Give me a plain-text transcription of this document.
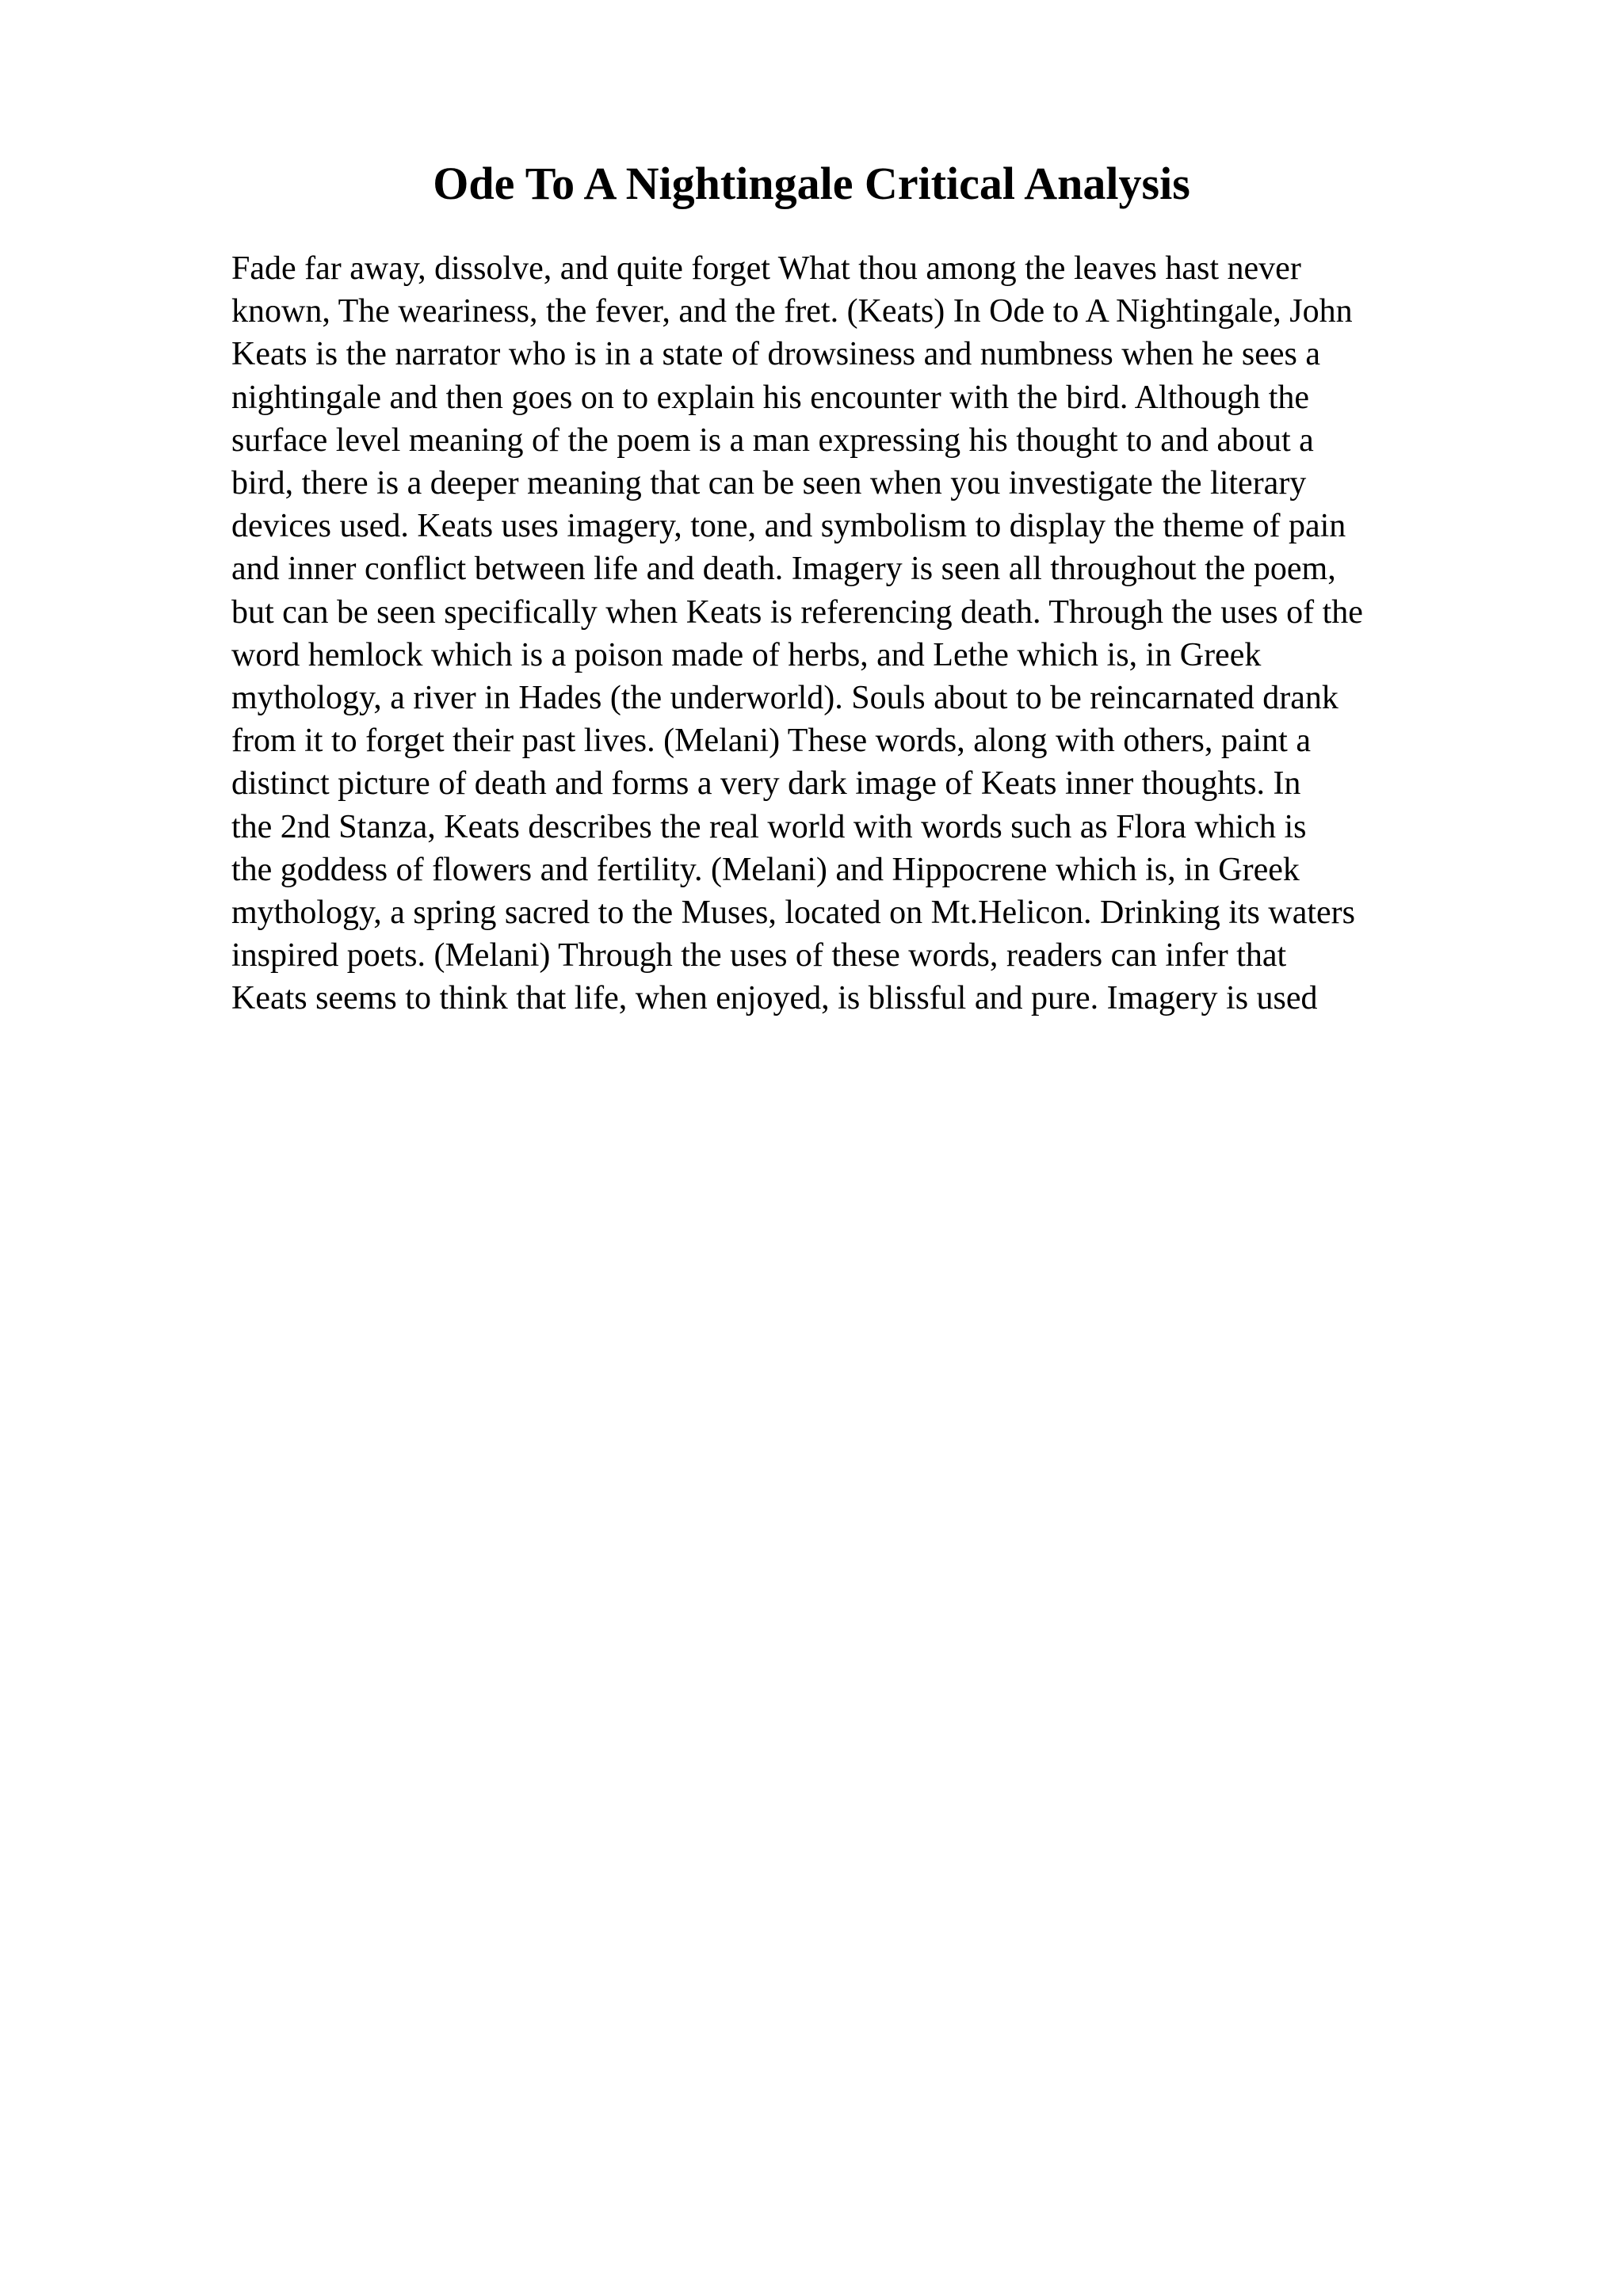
Ode To A Nightingale Critical Analysis
Fade far away, dissolve, and quite forget What thou among the leaves hast never
known, The weariness, the fever, and the fret. (Keats) In Ode to A Nightingale, John
Keats is the narrator who is in a state of drowsiness and numbness when he sees a
nightingale and then goes on to explain his encounter with the bird. Although the
surface level meaning of the poem is a man expressing his thought to and about a
bird, there is a deeper meaning that can be seen when you investigate the literary
devices used. Keats uses imagery, tone, and symbolism to display the theme of pain
and inner conflict between life and death. Imagery is seen all throughout the poem,
but can be seen specifically when Keats is referencing death. Through the uses of the
word hemlock which is a poison made of herbs, and Lethe which is, in Greek
mythology, a river in Hades (the underworld). Souls about to be reincarnated drank
from it to forget their past lives. (Melani) These words, along with others, paint a
distinct picture of death and forms a very dark image of Keats inner thoughts. In
the 2nd Stanza, Keats describes the real world with words such as Flora which is
the goddess of flowers and fertility. (Melani) and Hippocrene which is, in Greek
mythology, a spring sacred to the Muses, located on Mt.Helicon. Drinking its waters
inspired poets. (Melani) Through the uses of these words, readers can infer that
Keats seems to think that life, when enjoyed, is blissful and pure. Imagery is used
